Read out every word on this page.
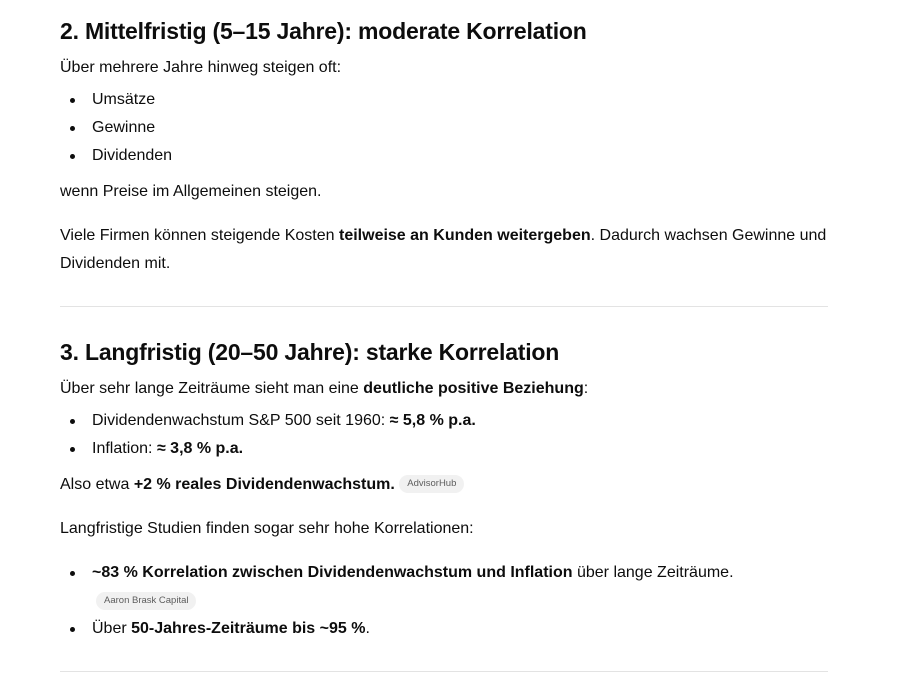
2. Mittelfristig (5–15 Jahre): moderate Korrelation

Über mehrere Jahre hinweg steigen oft:

Umsätze
Gewinne
Dividenden

wenn Preise im Allgemeinen steigen.

Viele Firmen können steigende Kosten teilweise an Kunden weitergeben. Dadurch wachsen Gewinne und Dividenden mit.

3. Langfristig (20–50 Jahre): starke Korrelation

Über sehr lange Zeiträume sieht man eine deutliche positive Beziehung:

Dividendenwachstum S&P 500 seit 1960: ≈ 5,8 % p.a.
Inflation: ≈ 3,8 % p.a.

Also etwa +2 % reales Dividendenwachstum. AdvisorHub

Langfristige Studien finden sogar sehr hohe Korrelationen:

~83 % Korrelation zwischen Dividendenwachstum und Inflation über lange Zeiträume.
Aaron Brask Capital
Über 50-Jahres-Zeiträume bis ~95 %.
